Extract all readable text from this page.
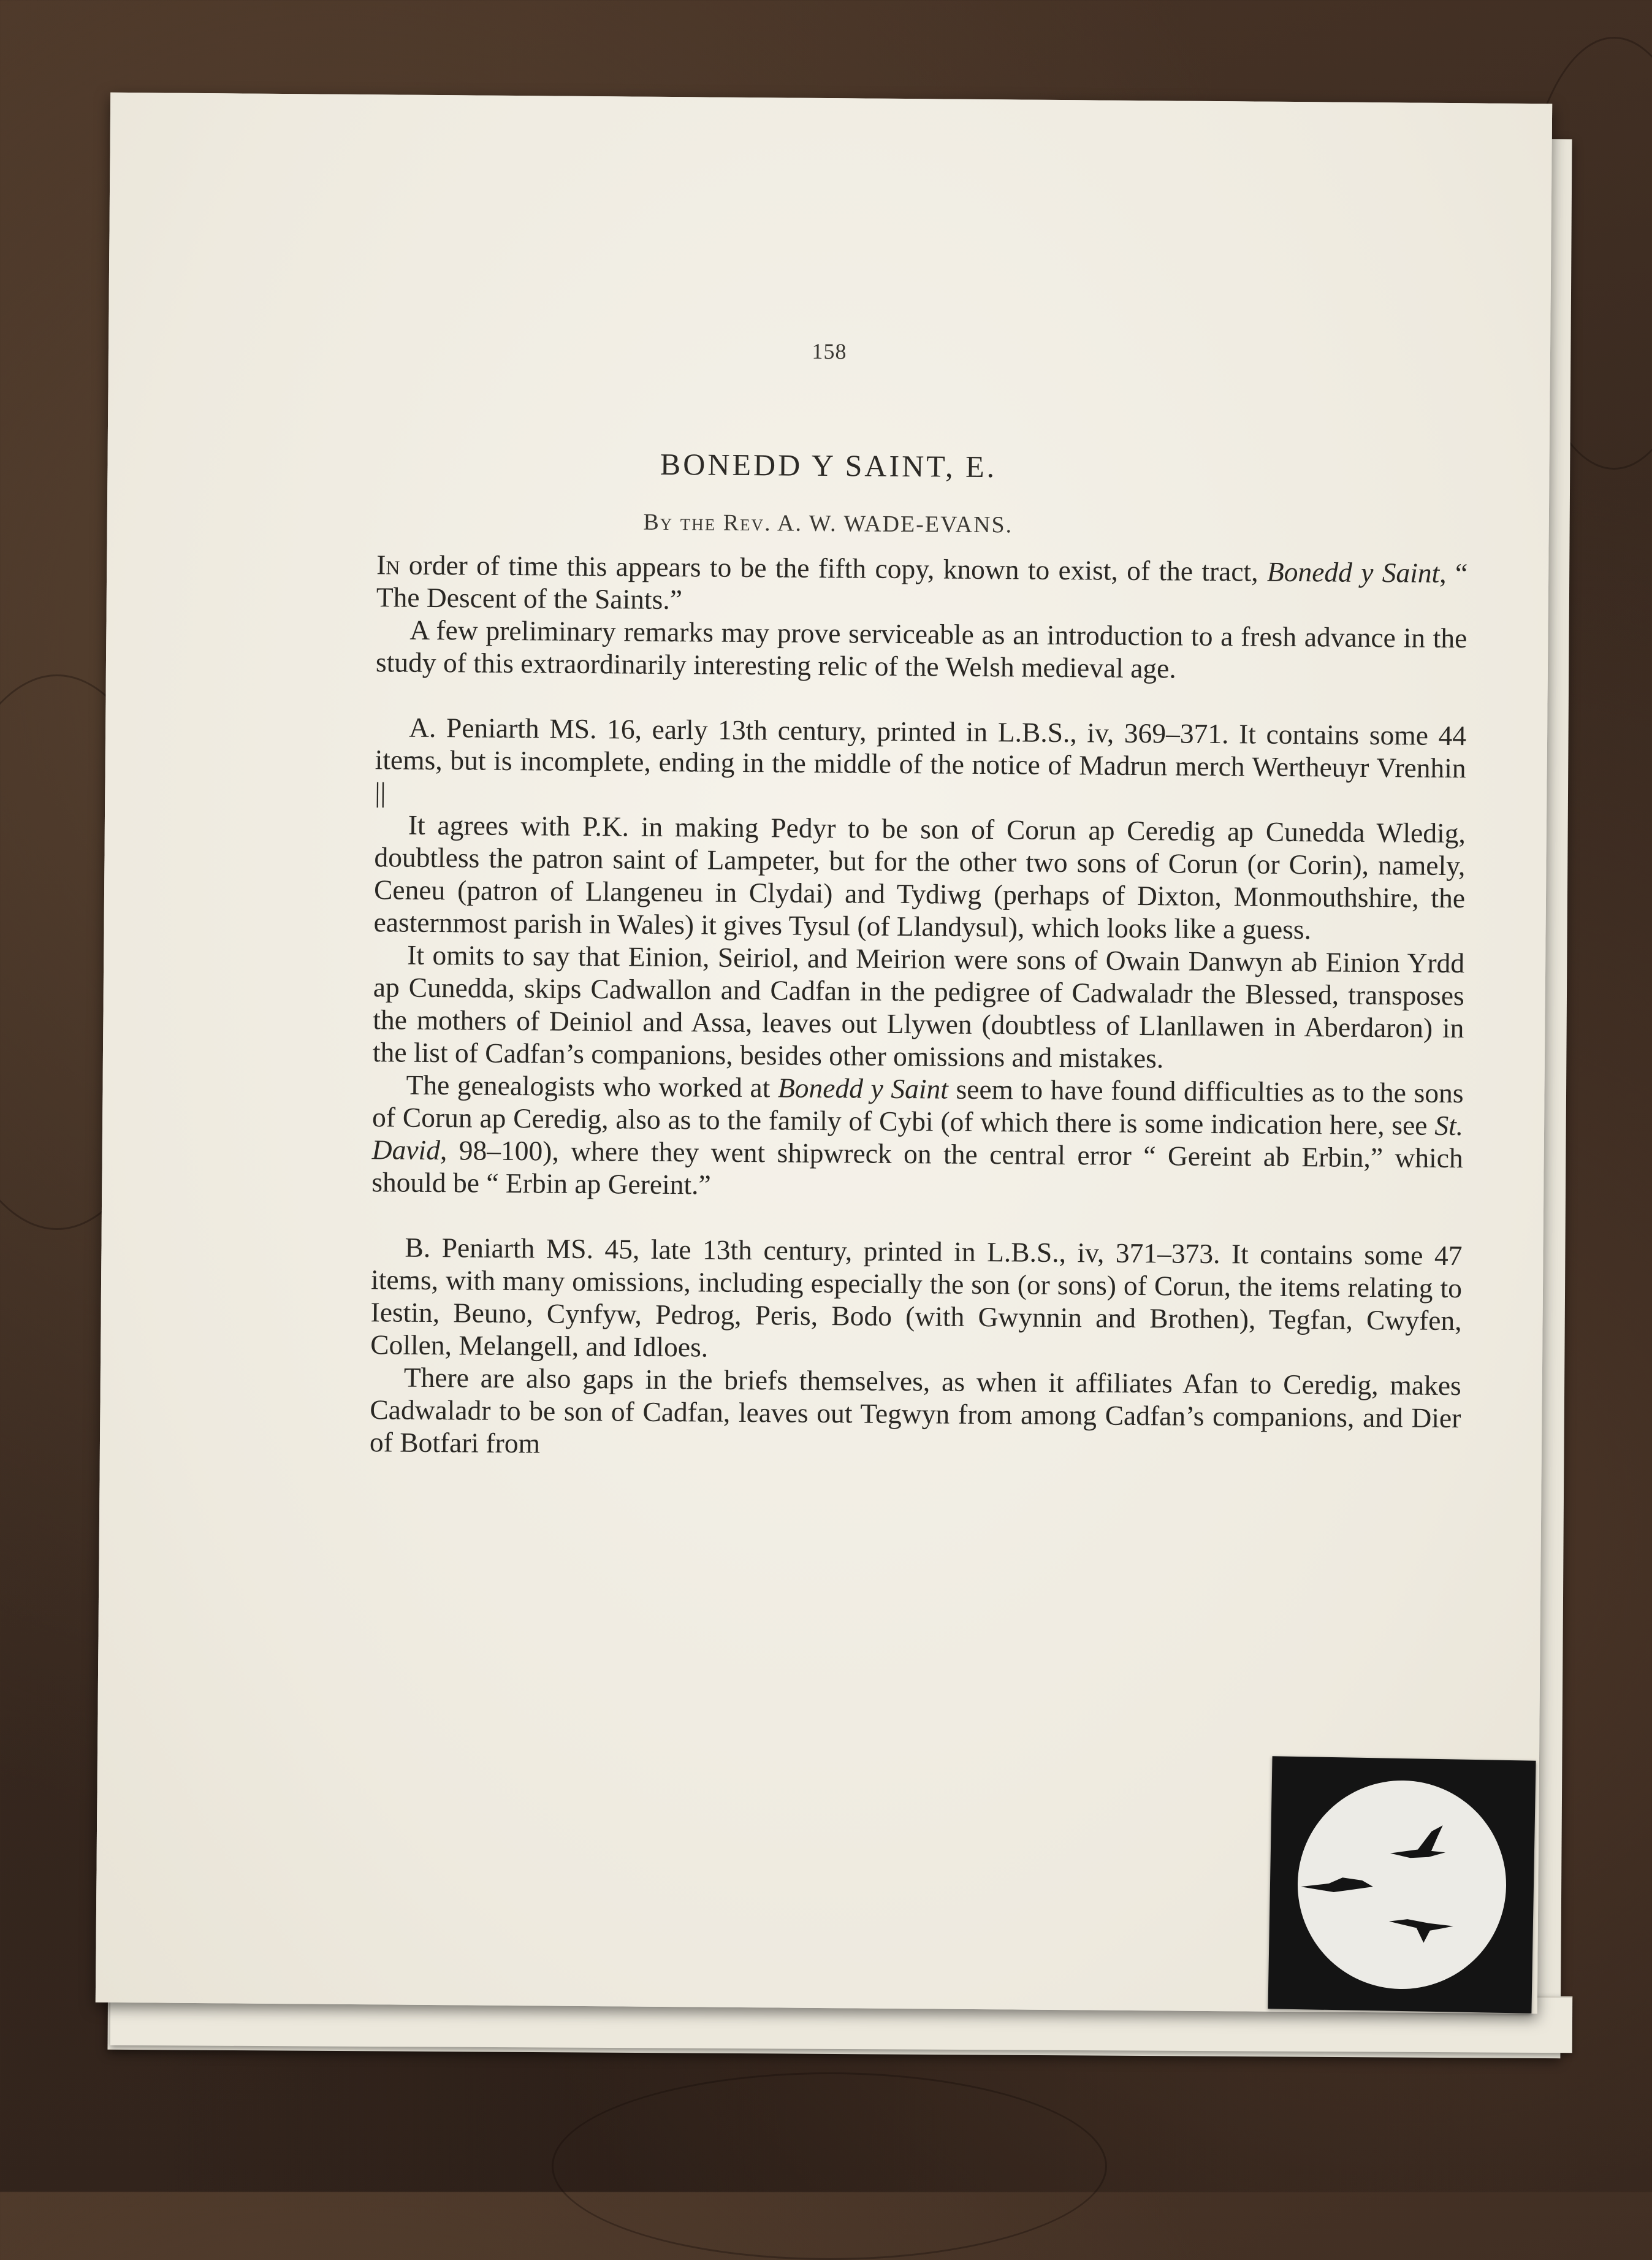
158
BONEDD Y SAINT, E.
By the Rev. A. W. WADE-EVANS.

In order of time this appears to be the fifth copy, known to exist, of the tract, Bonedd y Saint, “ The Descent of the Saints.”

A few preliminary remarks may prove serviceable as an introduction to a fresh advance in the study of this extraordinarily interesting relic of the Welsh medieval age.

A. Peniarth MS. 16, early 13th century, printed in L.B.S., iv, 369–371. It contains some 44 items, but is incomplete, ending in the middle of the notice of Madrun merch Wertheuyr Vrenhin ||

It agrees with P.K. in making Pedyr to be son of Corun ap Ceredig ap Cunedda Wledig, doubtless the patron saint of Lampeter, but for the other two sons of Corun (or Corin), namely, Ceneu (patron of Llangeneu in Clydai) and Tydiwg (perhaps of Dixton, Monmouthshire, the easternmost parish in Wales) it gives Tysul (of Llandysul), which looks like a guess.

It omits to say that Einion, Seiriol, and Meirion were sons of Owain Danwyn ab Einion Yrdd ap Cunedda, skips Cadwallon and Cadfan in the pedigree of Cadwaladr the Blessed, transposes the mothers of Deiniol and Assa, leaves out Llywen (doubtless of Llanllawen in Aberdaron) in the list of Cadfan’s companions, besides other omissions and mistakes.

The genealogists who worked at Bonedd y Saint seem to have found difficulties as to the sons of Corun ap Ceredig, also as to the family of Cybi (of which there is some indication here, see St. David, 98–100), where they went shipwreck on the central error “ Gereint ab Erbin,” which should be “ Erbin ap Gereint.”

B. Peniarth MS. 45, late 13th century, printed in L.B.S., iv, 371–373. It contains some 47 items, with many omissions, including especially the son (or sons) of Corun, the items relating to Iestin, Beuno, Cynfyw, Pedrog, Peris, Bodo (with Gwynnin and Brothen), Tegfan, Cwyfen, Collen, Melangell, and Idloes.

There are also gaps in the briefs themselves, as when it affiliates Afan to Ceredig, makes Cadwaladr to be son of Cadfan, leaves out Tegwyn from among Cadfan’s companions, and Dier of Botfari from
